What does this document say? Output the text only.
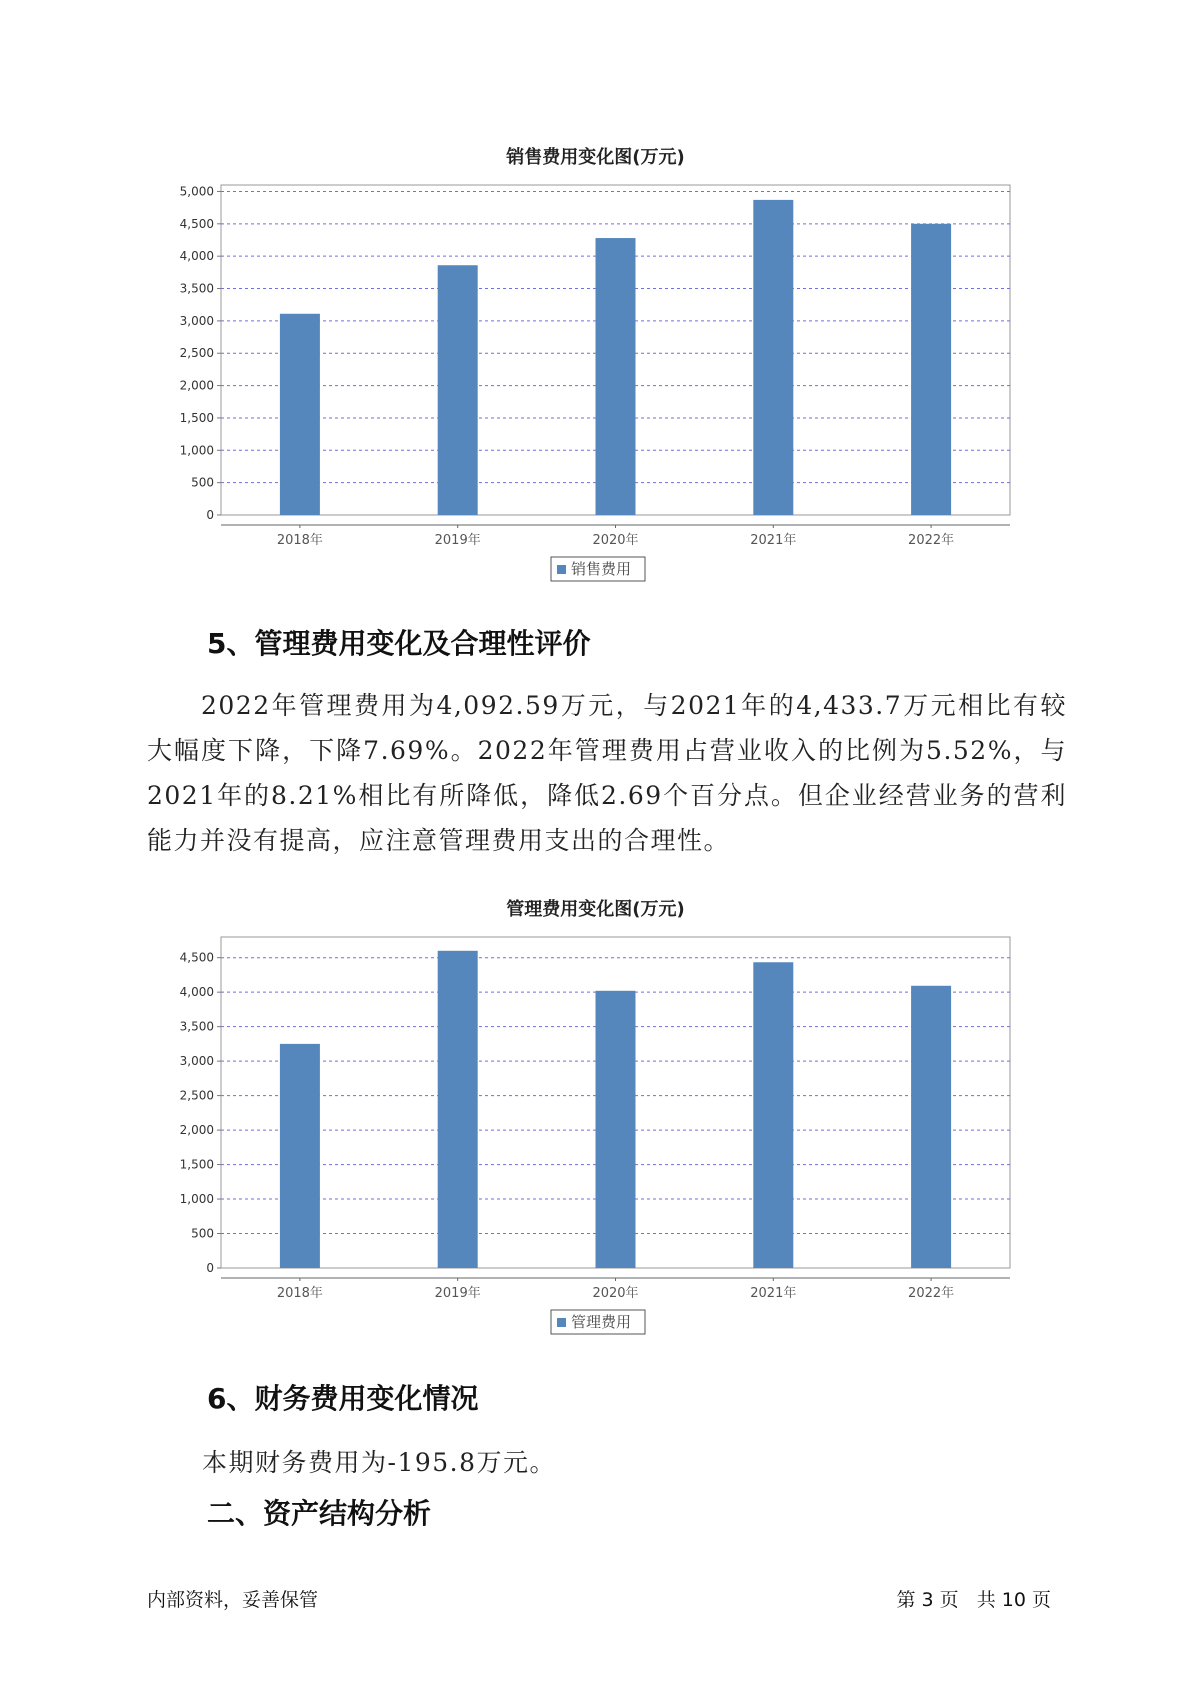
销售费用变化图(万元)
0
500
1,000
1,500
2,000
2,500
3,000
3,500
4,000
4,500
5,000
2018年	2019年	2020年	2021年	2022年
销售费用
5、管理费用变化及合理性评价

2022年管理费用为4,092.59万元，与2021年的4,433.7万元相比有较大幅度下降，下降7.69%。2022年管理费用占营业收入的比例为5.52%，与2021年的8.21%相比有所降低，降低2.69个百分点。但企业经营业务的营利能力并没有提高，应注意管理费用支出的合理性。

管理费用变化图(万元)
0
500
1,000
1,500
2,000
2,500
3,000
3,500
4,000
4,500
2018年	2019年	2020年	2021年	2022年
管理费用
6、财务费用变化情况

本期财务费用为-195.8万元。

二、资产结构分析
内部资料，妥善保管	第 3 页   共 10 页
